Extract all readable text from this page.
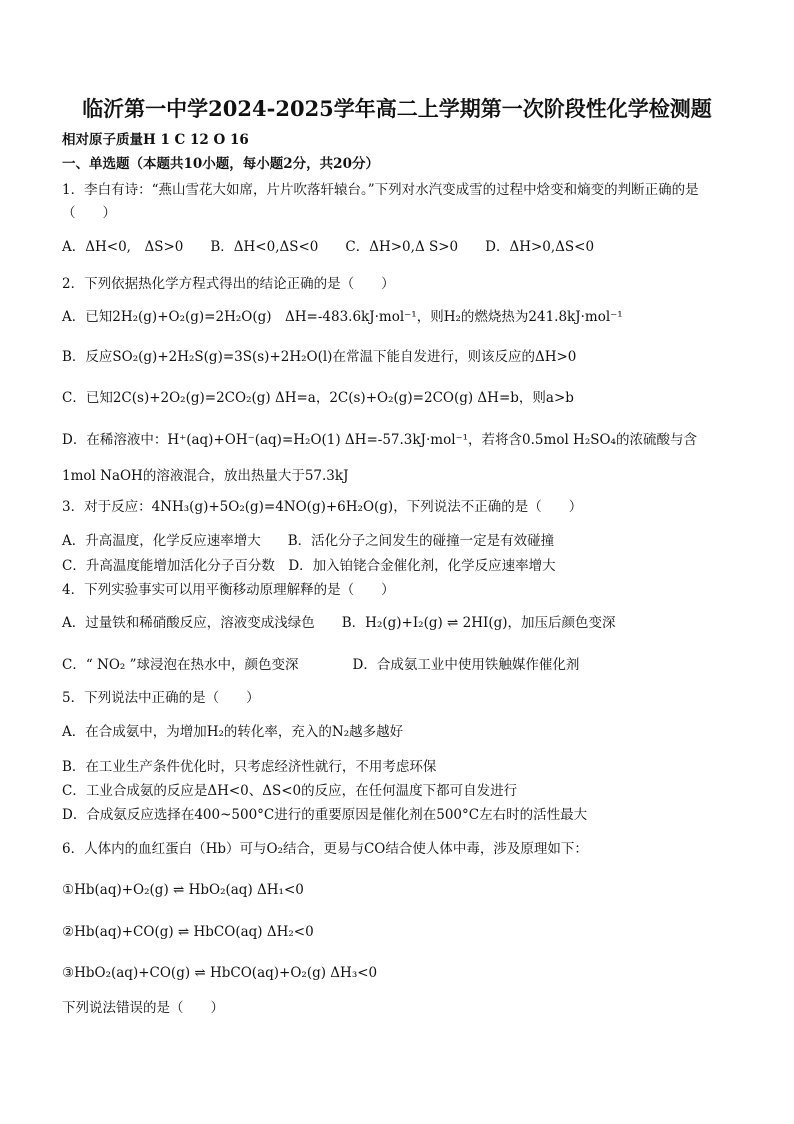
临沂第一中学2024-2025学年高二上学期第一次阶段性化学检测题
相对原子质量H 1 C 12 O 16
一、单选题（本题共10小题，每小题2分，共20分）
1．李白有诗：“燕山雪花大如席，片片吹落轩辕台。”下列对水汽变成雪的过程中焓变和熵变的判断正确的是
（　　）
A．ΔH<0,　ΔS>0　　B．ΔH<0,ΔS<0　　C．ΔH>0,Δ S>0　　D．ΔH>0,ΔS<0
2．下列依据热化学方程式得出的结论正确的是（　　）
A．已知2H₂(g)+O₂(g)=2H₂O(g)　ΔH=-483.6kJ·mol⁻¹，则H₂的燃烧热为241.8kJ·mol⁻¹
B．反应SO₂(g)+2H₂S(g)=3S(s)+2H₂O(l)在常温下能自发进行，则该反应的ΔH>0
C．已知2C(s)+2O₂(g)=2CO₂(g) ΔH=a，2C(s)+O₂(g)=2CO(g) ΔH=b，则a>b
D．在稀溶液中：H⁺(aq)+OH⁻(aq)=H₂O(1) ΔH=-57.3kJ·mol⁻¹，若将含0.5mol H₂SO₄的浓硫酸与含
1mol NaOH的溶液混合，放出热量大于57.3kJ
3．对于反应：4NH₃(g)+5O₂(g)=4NO(g)+6H₂O(g)，下列说法不正确的是（　　）
A．升高温度，化学反应速率增大　　B．活化分子之间发生的碰撞一定是有效碰撞
C．升高温度能增加活化分子百分数　D．加入铂铑合金催化剂，化学反应速率增大
4．下列实验事实可以用平衡移动原理解释的是（　　）
A．过量铁和稀硝酸反应，溶液变成浅绿色　　B．H₂(g)+I₂(g) ⇌ 2HI(g)，加压后颜色变深
C．“ NO₂ ”球浸泡在热水中，颜色变深　　　　D．合成氨工业中使用铁触媒作催化剂
5．下列说法中正确的是（　　）
A．在合成氨中，为增加H₂的转化率，充入的N₂越多越好
B．在工业生产条件优化时，只考虑经济性就行，不用考虑环保
C．工业合成氨的反应是ΔH<0、ΔS<0的反应，在任何温度下都可自发进行
D．合成氨反应选择在400~500°C进行的重要原因是催化剂在500°C左右时的活性最大
6．人体内的血红蛋白（Hb）可与O₂结合，更易与CO结合使人体中毒，涉及原理如下：
①Hb(aq)+O₂(g) ⇌ HbO₂(aq) ΔH₁<0
②Hb(aq)+CO(g) ⇌ HbCO(aq) ΔH₂<0
③HbO₂(aq)+CO(g) ⇌ HbCO(aq)+O₂(g) ΔH₃<0
下列说法错误的是（　　）
